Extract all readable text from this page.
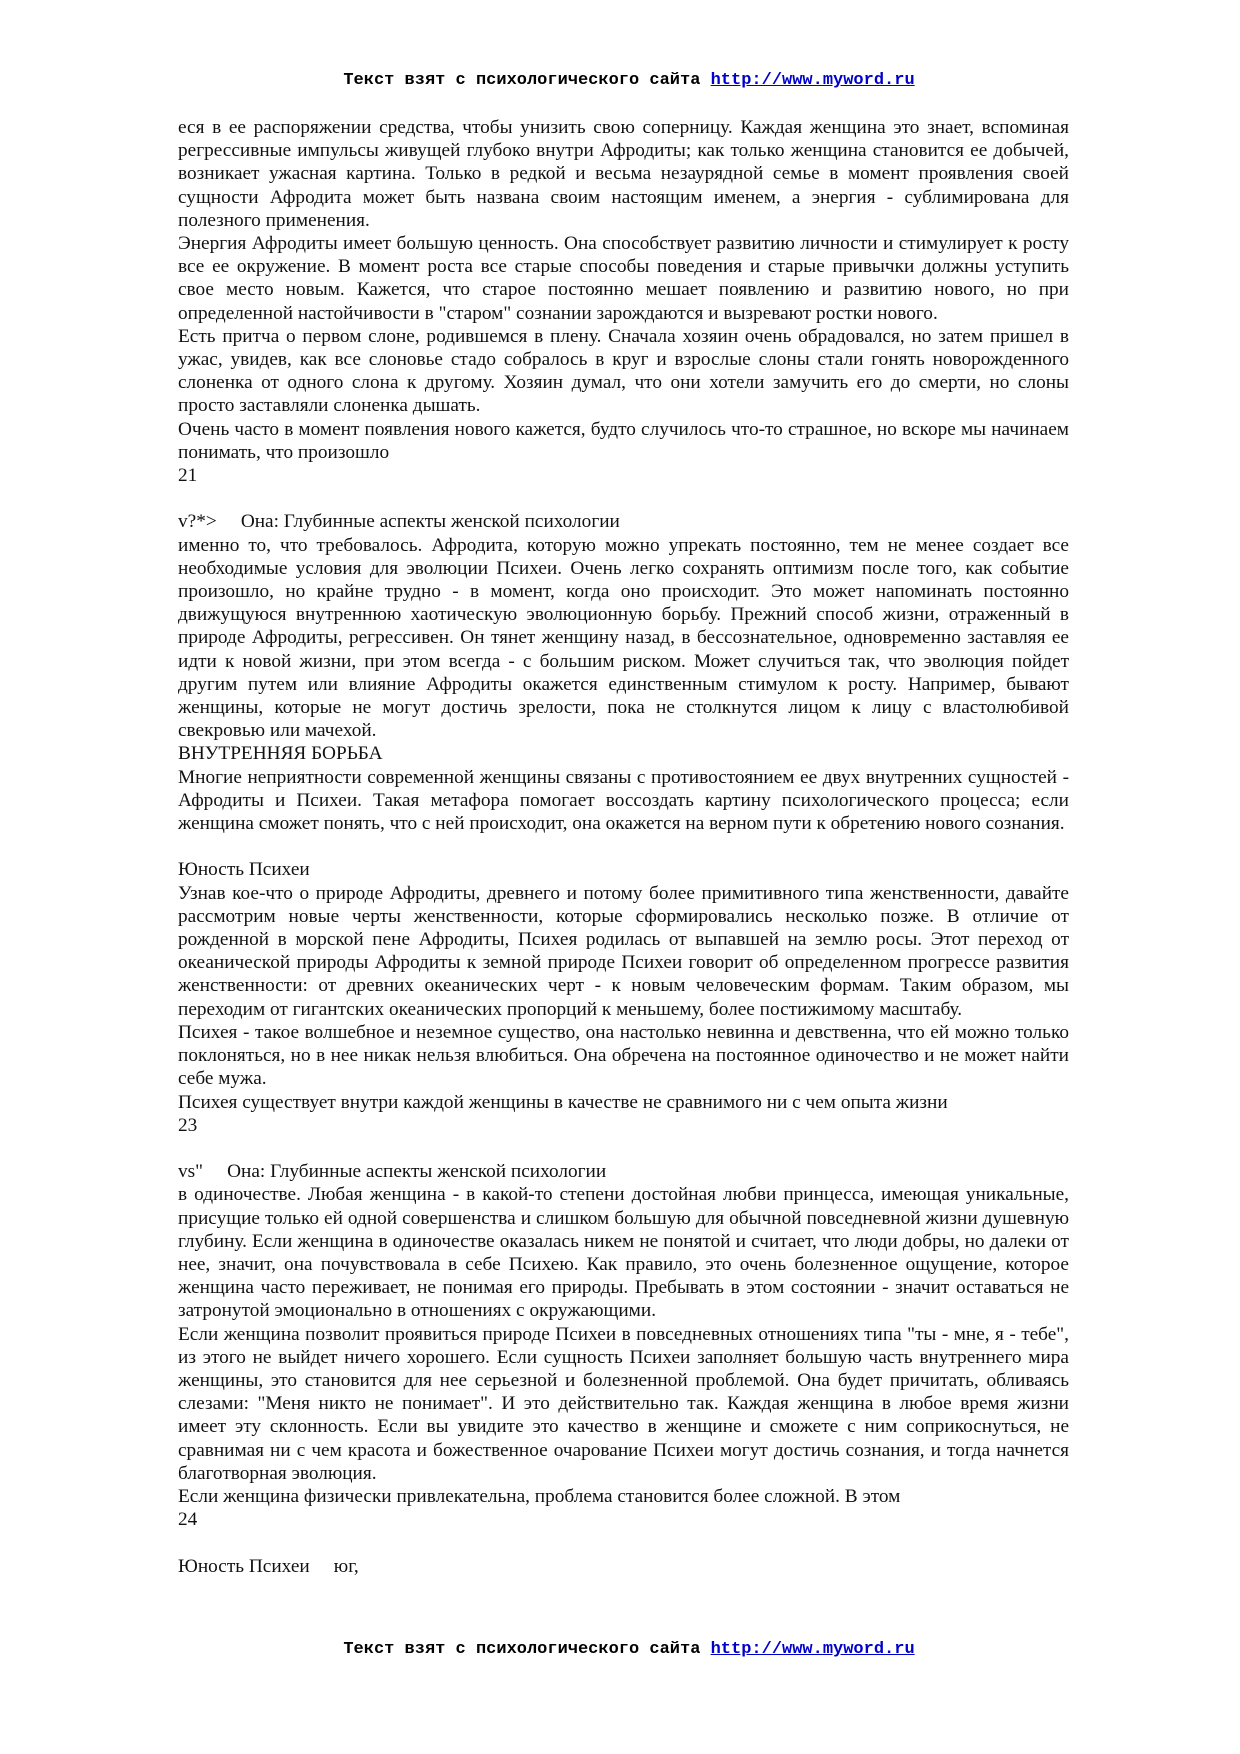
Текст взят с психологического сайта http://www.myword.ru

еся в ее распоряжении средства, чтобы унизить свою соперницу. Каждая женщина это знает, вспоминая регрессивные импульсы живущей глубоко внутри Афродиты; как только женщина становится ее добычей, возникает ужасная картина. Только в редкой и весьма незаурядной семье в момент проявления своей сущности Афродита может быть названа своим настоящим именем, а энергия - сублимирована для полезного применения.

Энергия Афродиты имеет большую ценность. Она способствует развитию личности и стимулирует к росту все ее окружение. В момент роста все старые способы поведения и старые привычки должны уступить свое место новым. Кажется, что старое постоянно мешает появлению и развитию нового, но при определенной настойчивости в "старом" сознании зарождаются и вызревают ростки нового.

Есть притча о первом слоне, родившемся в плену. Сначала хозяин очень обрадовался, но затем пришел в ужас, увидев, как все слоновье стадо собралось в круг и взрослые слоны стали гонять новорожденного слоненка от одного слона к другому. Хозяин думал, что они хотели замучить его до смерти, но слоны просто заставляли слоненка дышать.

Очень часто в момент появления нового кажется, будто случилось что-то страшное, но вскоре мы начинаем понимать, что произошло

21

v?*>     Она: Глубинные аспекты женской психологии

именно то, что требовалось. Афродита, которую можно упрекать постоянно, тем не менее создает все необходимые условия для эволюции Психеи. Очень легко сохранять оптимизм после того, как событие произошло, но крайне трудно - в момент, когда оно происходит. Это может напоминать постоянно движущуюся внутреннюю хаотическую эволюционную борьбу. Прежний способ жизни, отраженный в природе Афродиты, регрессивен. Он тянет женщину назад, в бессознательное, одновременно заставляя ее идти к новой жизни, при этом всегда - с большим риском. Может случиться так, что эволюция пойдет другим путем или влияние Афродиты окажется единственным стимулом к росту. Например, бывают женщины, которые не могут достичь зрелости, пока не столкнутся лицом к лицу с властолюбивой свекровью или мачехой.

ВНУТРЕННЯЯ БОРЬБА

Многие неприятности современной женщины связаны с противостоянием ее двух внутренних сущностей - Афродиты и Психеи. Такая метафора помогает воссоздать картину психологического процесса; если женщина сможет понять, что с ней происходит, она окажется на верном пути к обретению нового сознания.

Юность Психеи

Узнав кое-что о природе Афродиты, древнего и потому более примитивного типа женственности, давайте рассмотрим новые черты женственности, которые сформировались несколько позже. В отличие от рожденной в морской пене Афродиты, Психея родилась от выпавшей на землю росы. Этот переход от океанической природы Афродиты к земной природе Психеи говорит об определенном прогрессе развития женственности: от древних океанических черт - к новым человеческим формам. Таким образом, мы переходим от гигантских океанических пропорций к меньшему, более постижимому масштабу.

Психея - такое волшебное и неземное существо, она настолько невинна и девственна, что ей можно только поклоняться, но в нее никак нельзя влюбиться. Она обречена на постоянное одиночество и не может найти себе мужа.

Психея существует внутри каждой женщины в качестве не сравнимого ни с чем опыта жизни

23

vs"     Она: Глубинные аспекты женской психологии

в одиночестве. Любая женщина - в какой-то степени достойная любви принцесса, имеющая уникальные, присущие только ей одной совершенства и слишком большую для обычной повседневной жизни душевную глубину. Если женщина в одиночестве оказалась никем не понятой и считает, что люди добры, но далеки от нее, значит, она почувствовала в себе Психею. Как правило, это очень болезненное ощущение, которое женщина часто переживает, не понимая его природы. Пребывать в этом состоянии - значит оставаться не затронутой эмоционально в отношениях с окружающими.

Если женщина позволит проявиться природе Психеи в повседневных отношениях типа "ты - мне, я - тебе", из этого не выйдет ничего хорошего. Если сущность Психеи заполняет большую часть внутреннего мира женщины, это становится для нее серьезной и болезненной проблемой. Она будет причитать, обливаясь слезами: "Меня никто не понимает". И это действительно так. Каждая женщина в любое время жизни имеет эту склонность. Если вы увидите это качество в женщине и сможете с ним соприкоснуться, не сравнимая ни с чем красота и божественное очарование Психеи могут достичь сознания, и тогда начнется благотворная эволюция.

Если женщина физически привлекательна, проблема становится более сложной. В этом

24

Юность Психеи     юг,

Текст взят с психологического сайта http://www.myword.ru
